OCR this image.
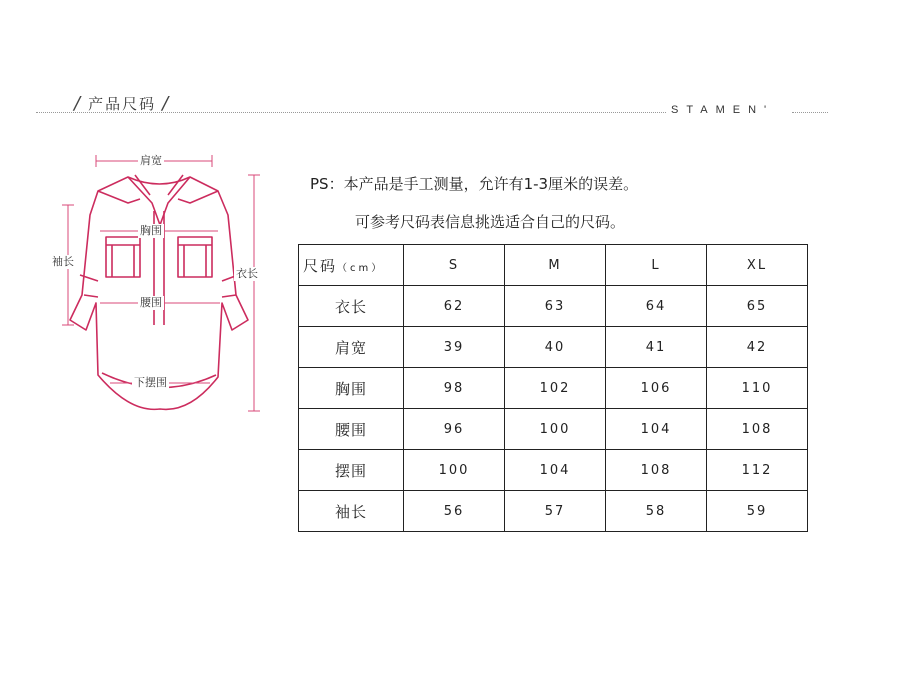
/ 产品尺码 /	STAMEN'
PS：本产品是手工测量，允许有1-3厘米的误差。
可参考尺码表信息挑选适合自己的尺码。
肩宽
胸围
袖长
衣长
腰围
下摆围
尺码（cm）	S	M	L	XL
衣长	62	63	64	65
肩宽	39	40	41	42
胸围	98	102	106	110
腰围	96	100	104	108
摆围	100	104	108	112
袖长	56	57	58	59
